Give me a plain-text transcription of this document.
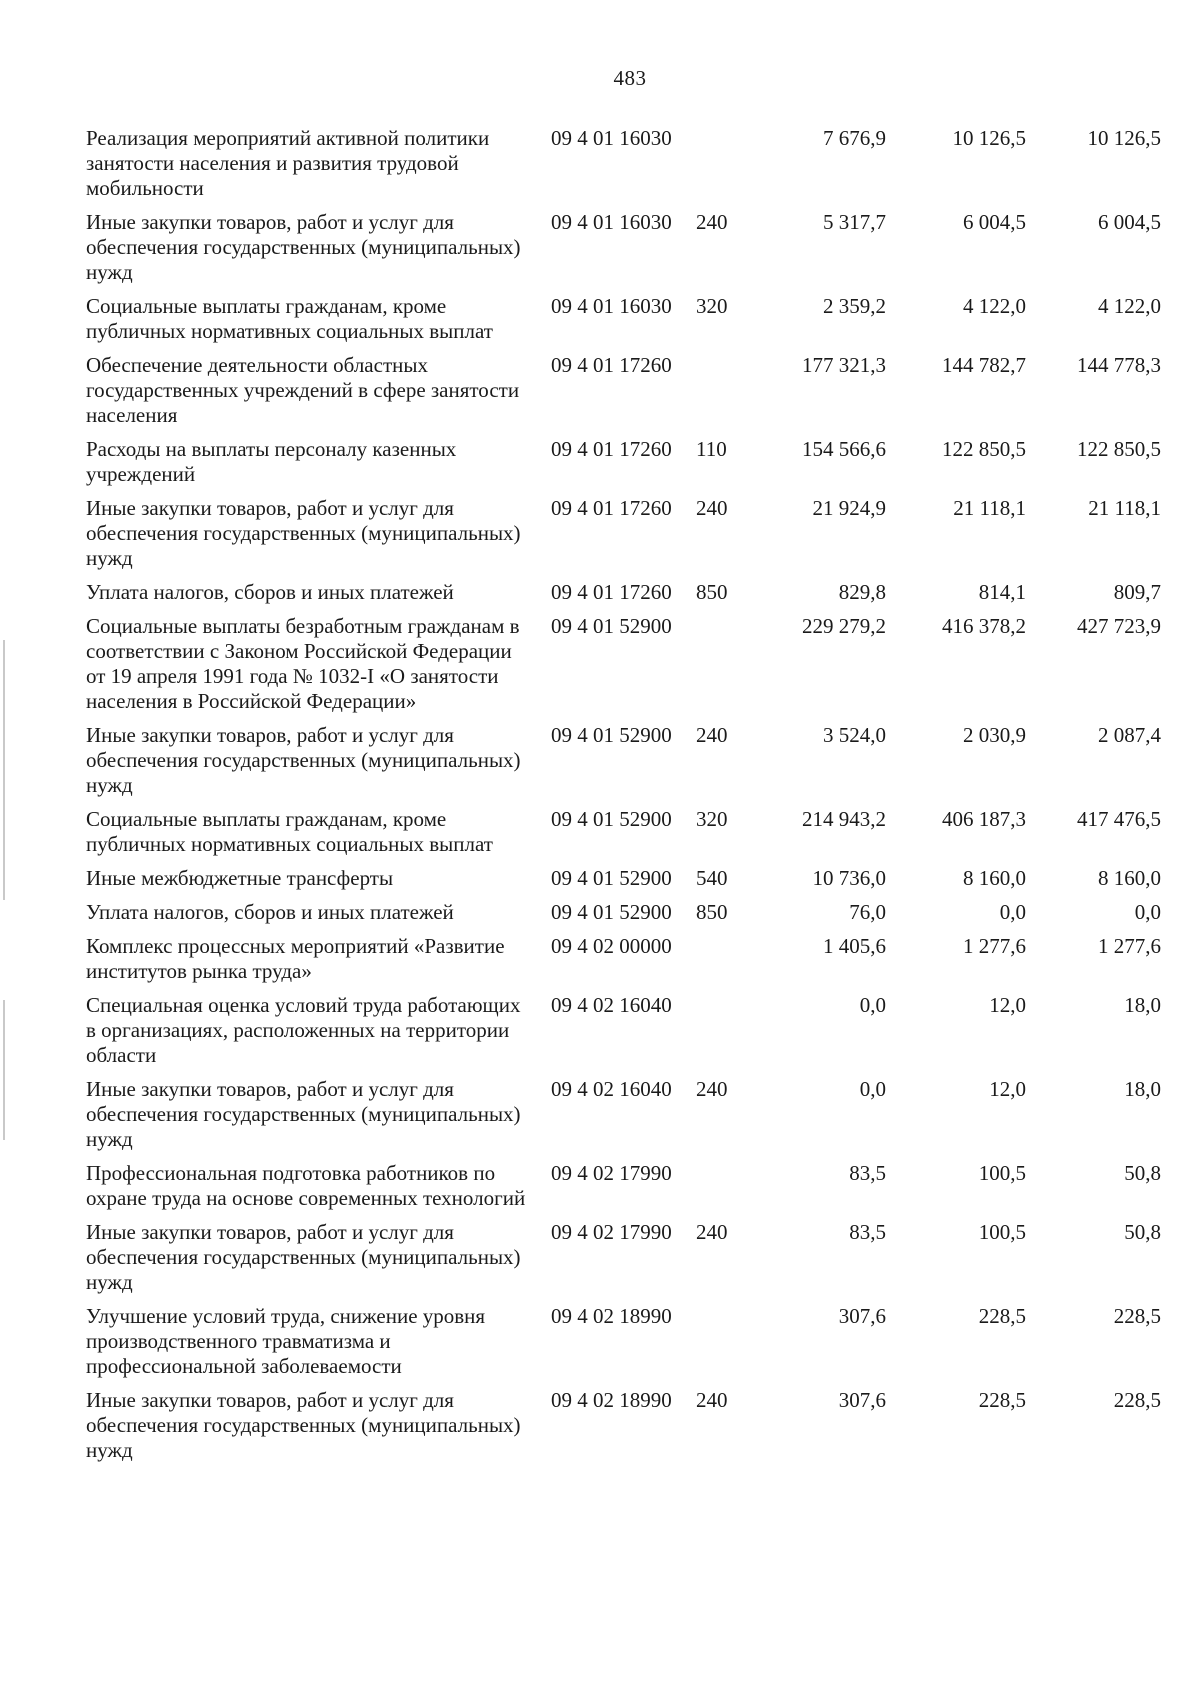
483
Реализация мероприятий активной политики занятости населения и развития трудовой мобильности	09 4 01 16030		7 676,9	10 126,5	10 126,5
Иные закупки товаров, работ и услуг для обеспечения государственных (муниципальных) нужд	09 4 01 16030	240	5 317,7	6 004,5	6 004,5
Социальные выплаты гражданам, кроме публичных нормативных социальных выплат	09 4 01 16030	320	2 359,2	4 122,0	4 122,0
Обеспечение деятельности областных государственных учреждений в сфере занятости населения	09 4 01 17260		177 321,3	144 782,7	144 778,3
Расходы на выплаты персоналу казенных учреждений	09 4 01 17260	110	154 566,6	122 850,5	122 850,5
Иные закупки товаров, работ и услуг для обеспечения государственных (муниципальных) нужд	09 4 01 17260	240	21 924,9	21 118,1	21 118,1
Уплата налогов, сборов и иных платежей	09 4 01 17260	850	829,8	814,1	809,7
Социальные выплаты безработным гражданам в соответствии с Законом Российской Федерации от 19 апреля 1991 года № 1032-I «О занятости населения в Российской Федерации»	09 4 01 52900		229 279,2	416 378,2	427 723,9
Иные закупки товаров, работ и услуг для обеспечения государственных (муниципальных) нужд	09 4 01 52900	240	3 524,0	2 030,9	2 087,4
Социальные выплаты гражданам, кроме публичных нормативных социальных выплат	09 4 01 52900	320	214 943,2	406 187,3	417 476,5
Иные межбюджетные трансферты	09 4 01 52900	540	10 736,0	8 160,0	8 160,0
Уплата налогов, сборов и иных платежей	09 4 01 52900	850	76,0	0,0	0,0
Комплекс процессных мероприятий «Развитие институтов рынка труда»	09 4 02 00000		1 405,6	1 277,6	1 277,6
Специальная оценка условий труда работающих в организациях, расположенных на территории области	09 4 02 16040		0,0	12,0	18,0
Иные закупки товаров, работ и услуг для обеспечения государственных (муниципальных) нужд	09 4 02 16040	240	0,0	12,0	18,0
Профессиональная подготовка работников по охране труда на основе современных технологий	09 4 02 17990		83,5	100,5	50,8
Иные закупки товаров, работ и услуг для обеспечения государственных (муниципальных) нужд	09 4 02 17990	240	83,5	100,5	50,8
Улучшение условий труда, снижение уровня производственного травматизма и профессиональной заболеваемости	09 4 02 18990		307,6	228,5	228,5
Иные закупки товаров, работ и услуг для обеспечения государственных (муниципальных) нужд	09 4 02 18990	240	307,6	228,5	228,5
